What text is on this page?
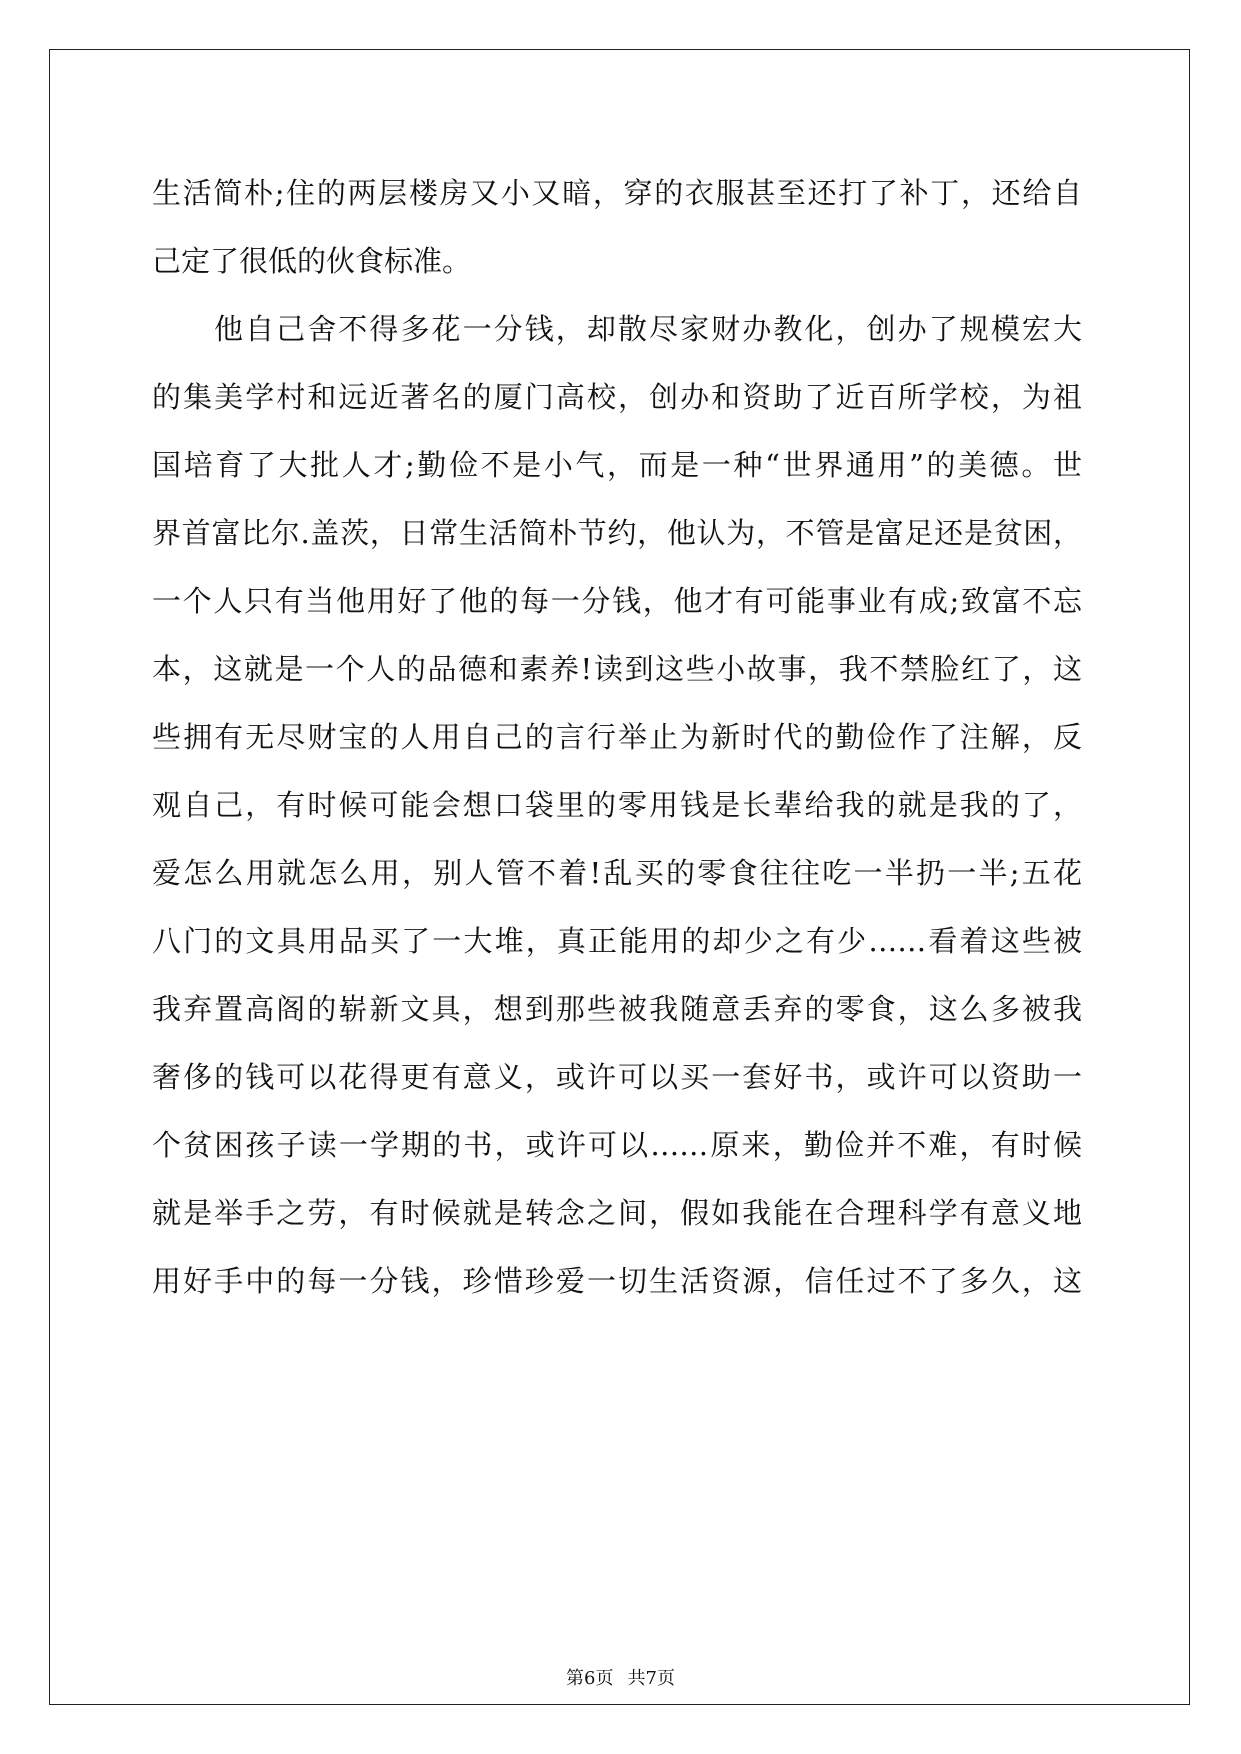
生活简朴;住的两层楼房又小又暗，穿的衣服甚至还打了补丁，还给自
己定了很低的伙食标准。
他自己舍不得多花一分钱，却散尽家财办教化，创办了规模宏大
的集美学村和远近著名的厦门高校，创办和资助了近百所学校，为祖
国培育了大批人才;勤俭不是小气，而是一种“世界通用”的美德。世
界首富比尔.盖茨，日常生活简朴节约，他认为，不管是富足还是贫困，
一个人只有当他用好了他的每一分钱，他才有可能事业有成;致富不忘
本，这就是一个人的品德和素养!读到这些小故事，我不禁脸红了，这
些拥有无尽财宝的人用自己的言行举止为新时代的勤俭作了注解，反
观自己，有时候可能会想口袋里的零用钱是长辈给我的就是我的了，
爱怎么用就怎么用，别人管不着!乱买的零食往往吃一半扔一半;五花
八门的文具用品买了一大堆，真正能用的却少之有少……看着这些被
我弃置高阁的崭新文具，想到那些被我随意丢弃的零食，这么多被我
奢侈的钱可以花得更有意义，或许可以买一套好书，或许可以资助一
个贫困孩子读一学期的书，或许可以……原来，勤俭并不难，有时候
就是举手之劳，有时候就是转念之间，假如我能在合理科学有意义地
用好手中的每一分钱，珍惜珍爱一切生活资源，信任过不了多久，这
第6页 共7页
